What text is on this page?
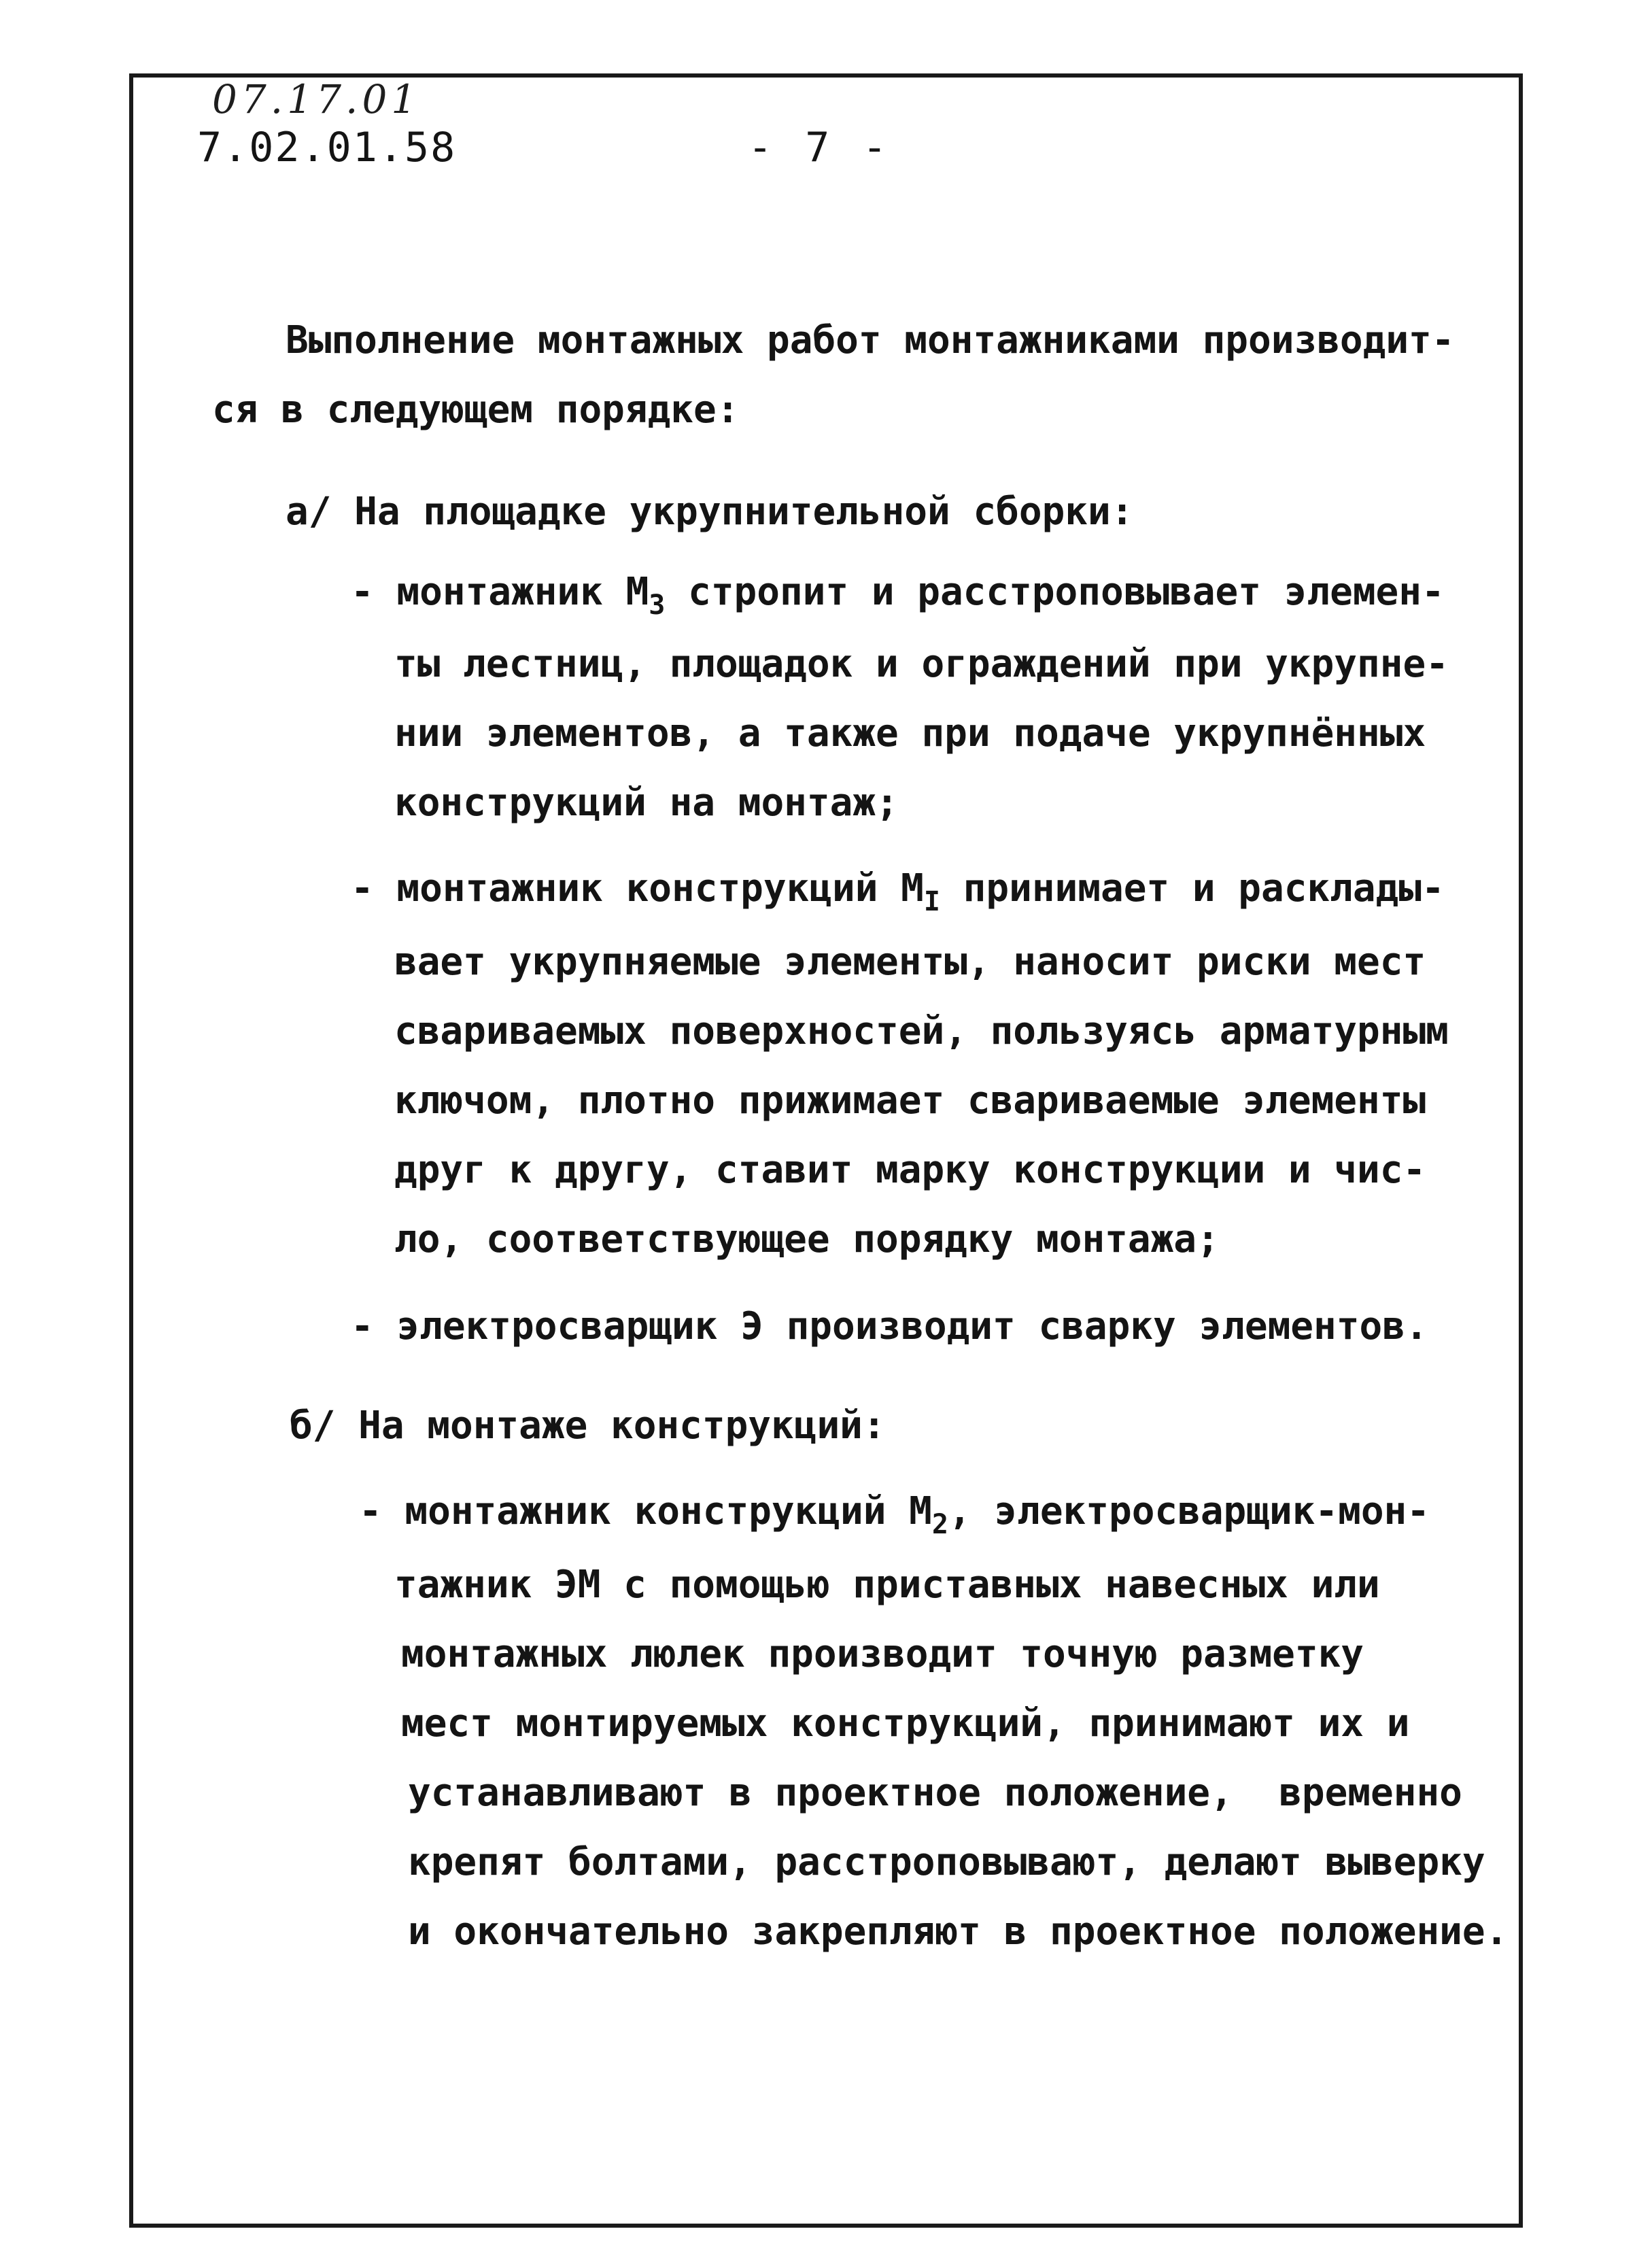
07.17.01
7.02.01.58	- 7 -
Выполнение монтажных работ монтажниками производит-
ся в следующем порядке:
а/ На площадке укрупнительной сборки:
- монтажник $М_3$ стропит и расстроповывает элемен-
ты лестниц, площадок и ограждений при укрупне-
нии элементов, а также при подаче укрупнённых
конструкций на монтаж;
- монтажник конструкций $М_I$ принимает и расклады-
вает укрупняемые элементы, наносит риски мест
свариваемых поверхностей, пользуясь арматурным
ключом, плотно прижимает свариваемые элементы
друг к другу, ставит марку конструкции и чис-
ло, соответствующее порядку монтажа;
- электросварщик Э производит сварку элементов.
б/ На монтаже конструкций:
- монтажник конструкций $М_2$, электросварщик-мон-
тажник ЭМ с помощью приставных навесных или
монтажных люлек производит точную разметку
мест монтируемых конструкций, принимают их и
устанавливают в проектное положение,  временно
крепят болтами, расстроповывают, делают выверку
и окончательно закрепляют в проектное положение.
